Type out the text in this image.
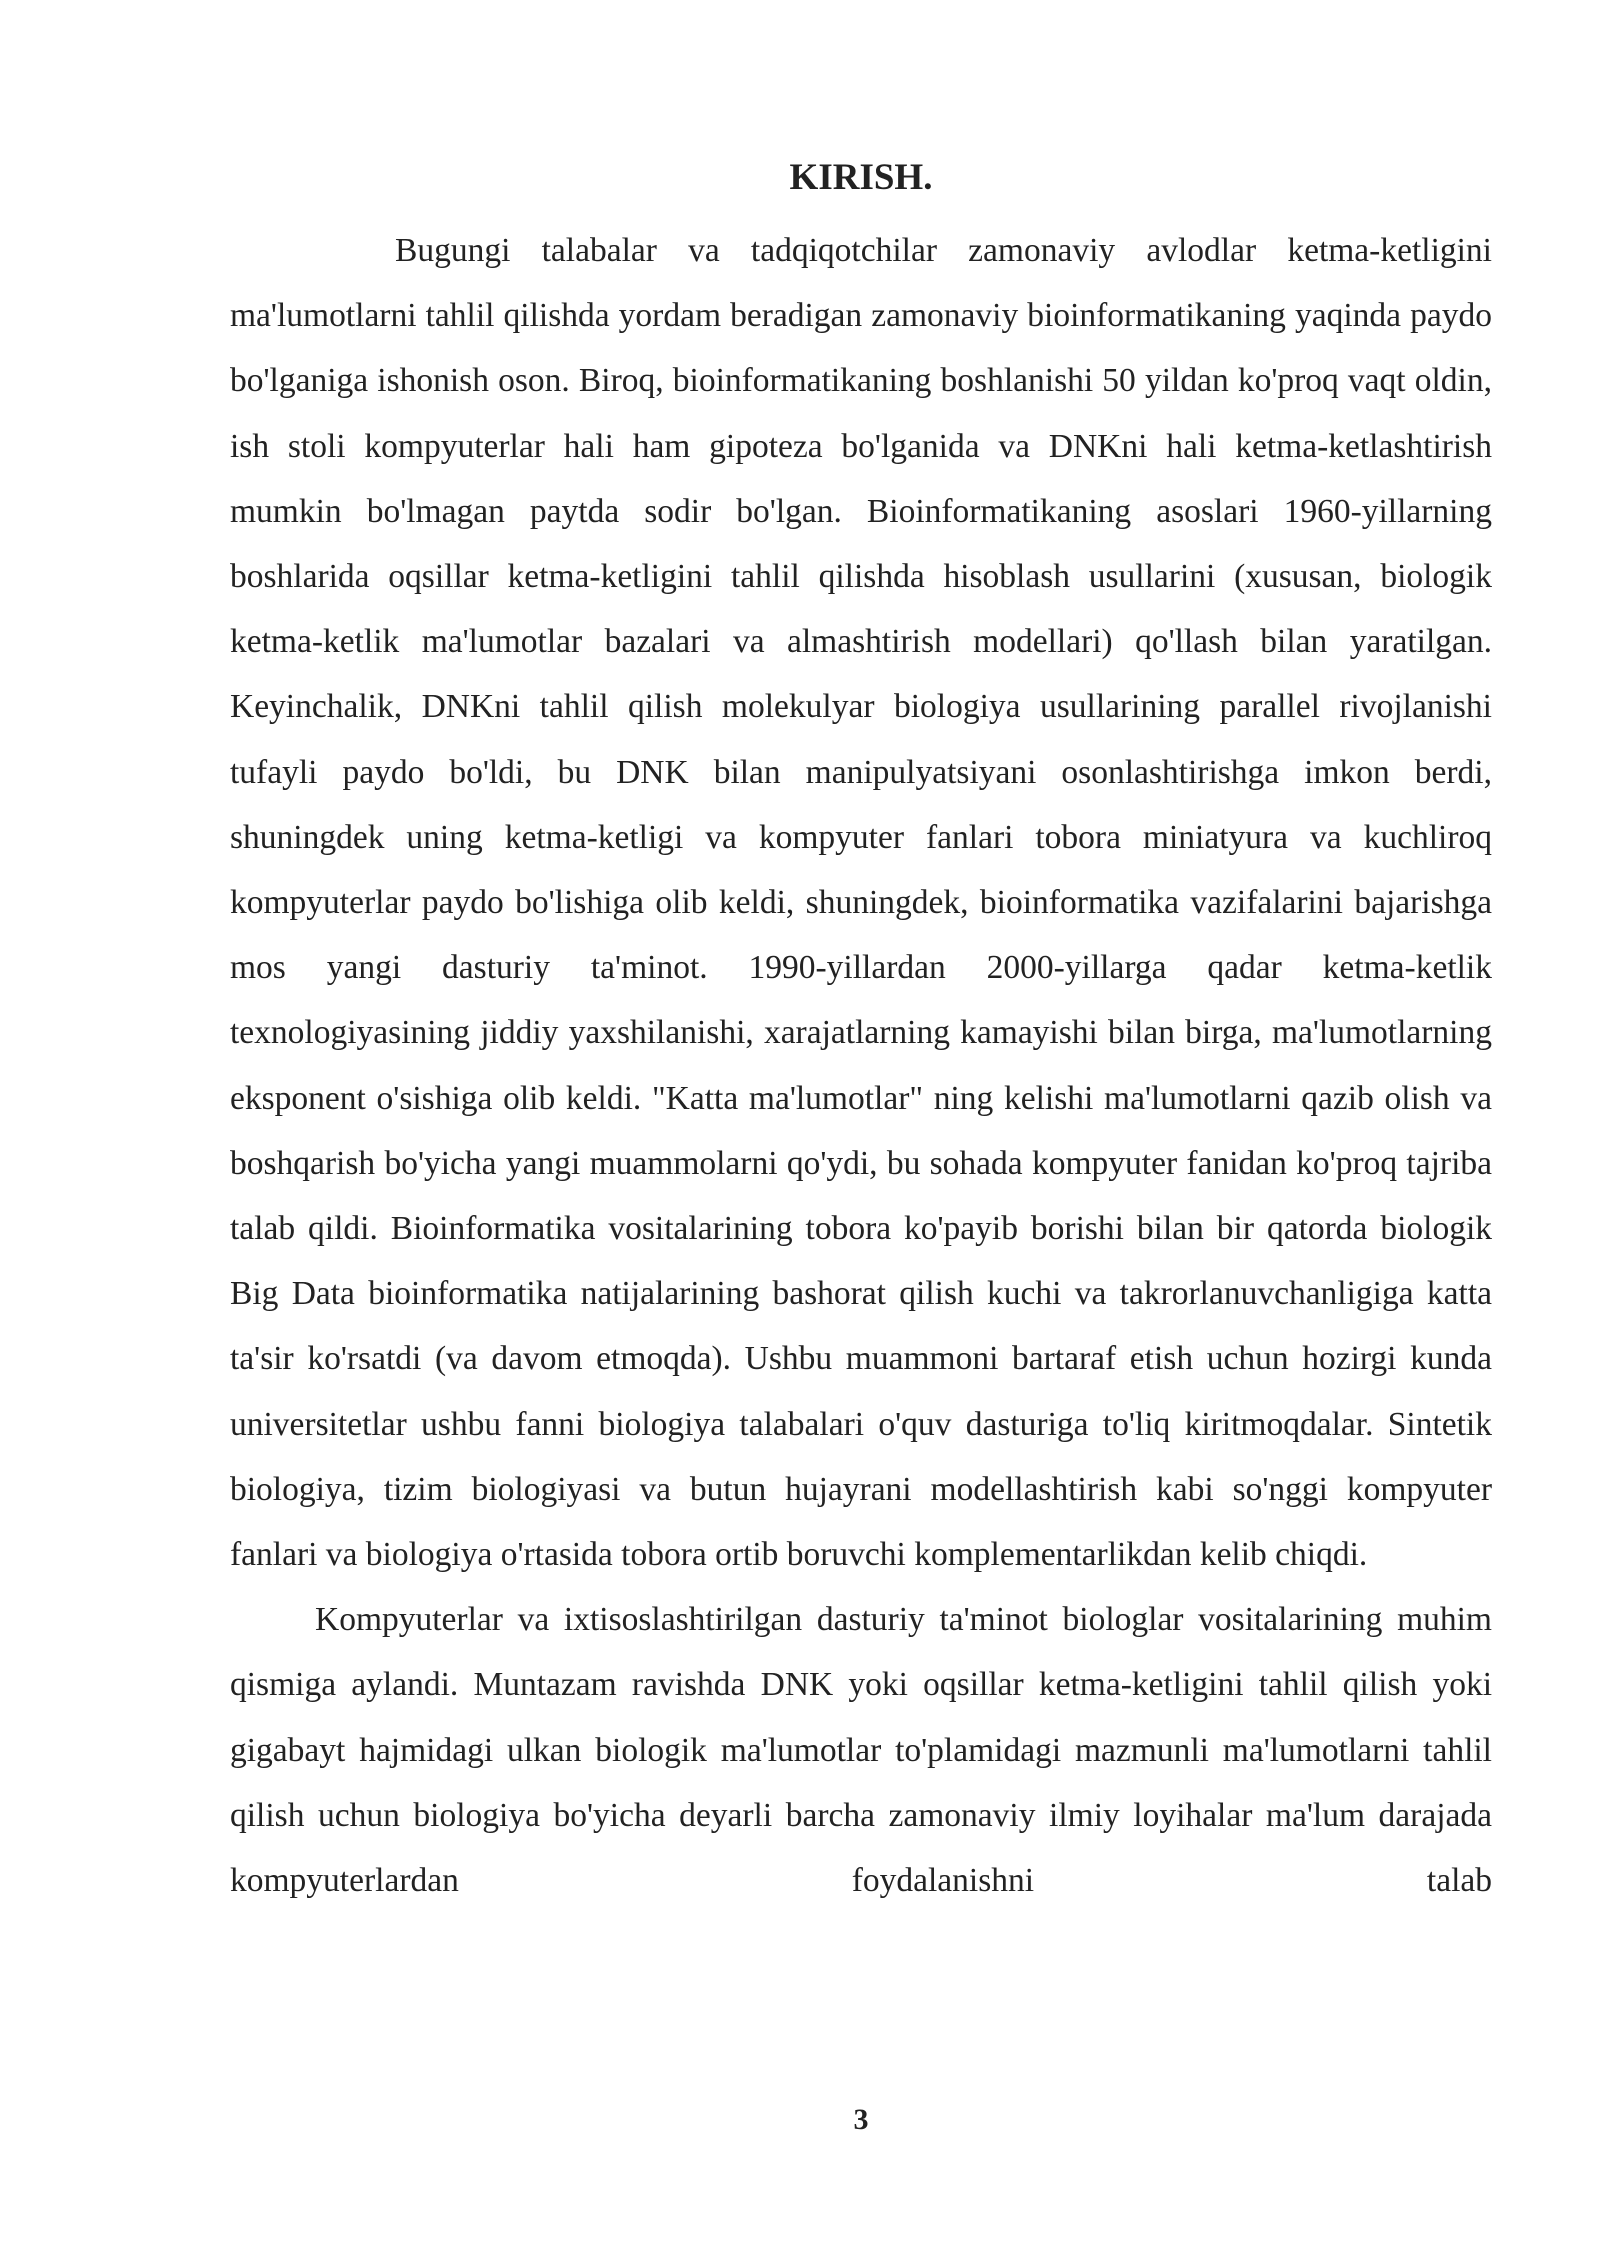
KIRISH.

Bugungi talabalar va tadqiqotchilar zamonaviy avlodlar ketma-ketligini ma'lumotlarni tahlil qilishda yordam beradigan zamonaviy bioinformatikaning yaqinda paydo bo'lganiga ishonish oson. Biroq, bioinformatikaning boshlanishi 50 yildan ko'proq vaqt oldin, ish stoli kompyuterlar hali ham gipoteza bo'lganida va DNKni hali ketma-ketlashtirish mumkin bo'lmagan paytda sodir bo'lgan. Bioinformatikaning asoslari 1960-yillarning boshlarida oqsillar ketma-ketligini tahlil qilishda hisoblash usullarini (xususan, biologik ketma-ketlik ma'lumotlar bazalari va almashtirish modellari) qo'llash bilan yaratilgan. Keyinchalik, DNKni tahlil qilish molekulyar biologiya usullarining parallel rivojlanishi tufayli paydo bo'ldi, bu DNK bilan manipulyatsiyani osonlashtirishga imkon berdi, shuningdek uning ketma-ketligi va kompyuter fanlari tobora miniatyura va kuchliroq kompyuterlar paydo bo'lishiga olib keldi, shuningdek, bioinformatika vazifalarini bajarishga mos yangi dasturiy ta'minot. 1990-yillardan 2000-yillarga qadar ketma-ketlik texnologiyasining jiddiy yaxshilanishi, xarajatlarning kamayishi bilan birga, ma'lumotlarning eksponent o'sishiga olib keldi. "Katta ma'lumotlar" ning kelishi ma'lumotlarni qazib olish va boshqarish bo'yicha yangi muammolarni qo'ydi, bu sohada kompyuter fanidan ko'proq tajriba talab qildi. Bioinformatika vositalarining tobora ko'payib borishi bilan bir qatorda biologik Big Data bioinformatika natijalarining bashorat qilish kuchi va takrorlanuvchanligiga katta ta'sir ko'rsatdi (va davom etmoqda). Ushbu muammoni bartaraf etish uchun hozirgi kunda universitetlar ushbu fanni biologiya talabalari o'quv dasturiga to'liq kiritmoqdalar. Sintetik biologiya, tizim biologiyasi va butun hujayrani modellashtirish kabi so'nggi kompyuter fanlari va biologiya o'rtasida tobora ortib boruvchi komplementarlikdan kelib chiqdi.

Kompyuterlar va ixtisoslashtirilgan dasturiy ta'minot biologlar vositalarining muhim qismiga aylandi. Muntazam ravishda DNK yoki oqsillar ketma-ketligini tahlil qilish yoki gigabayt hajmidagi ulkan biologik ma'lumotlar to'plamidagi mazmunli ma'lumotlarni tahlil qilish uchun biologiya bo'yicha deyarli barcha zamonaviy ilmiy loyihalar ma'lum darajada kompyuterlardan foydalanishni talab

3
